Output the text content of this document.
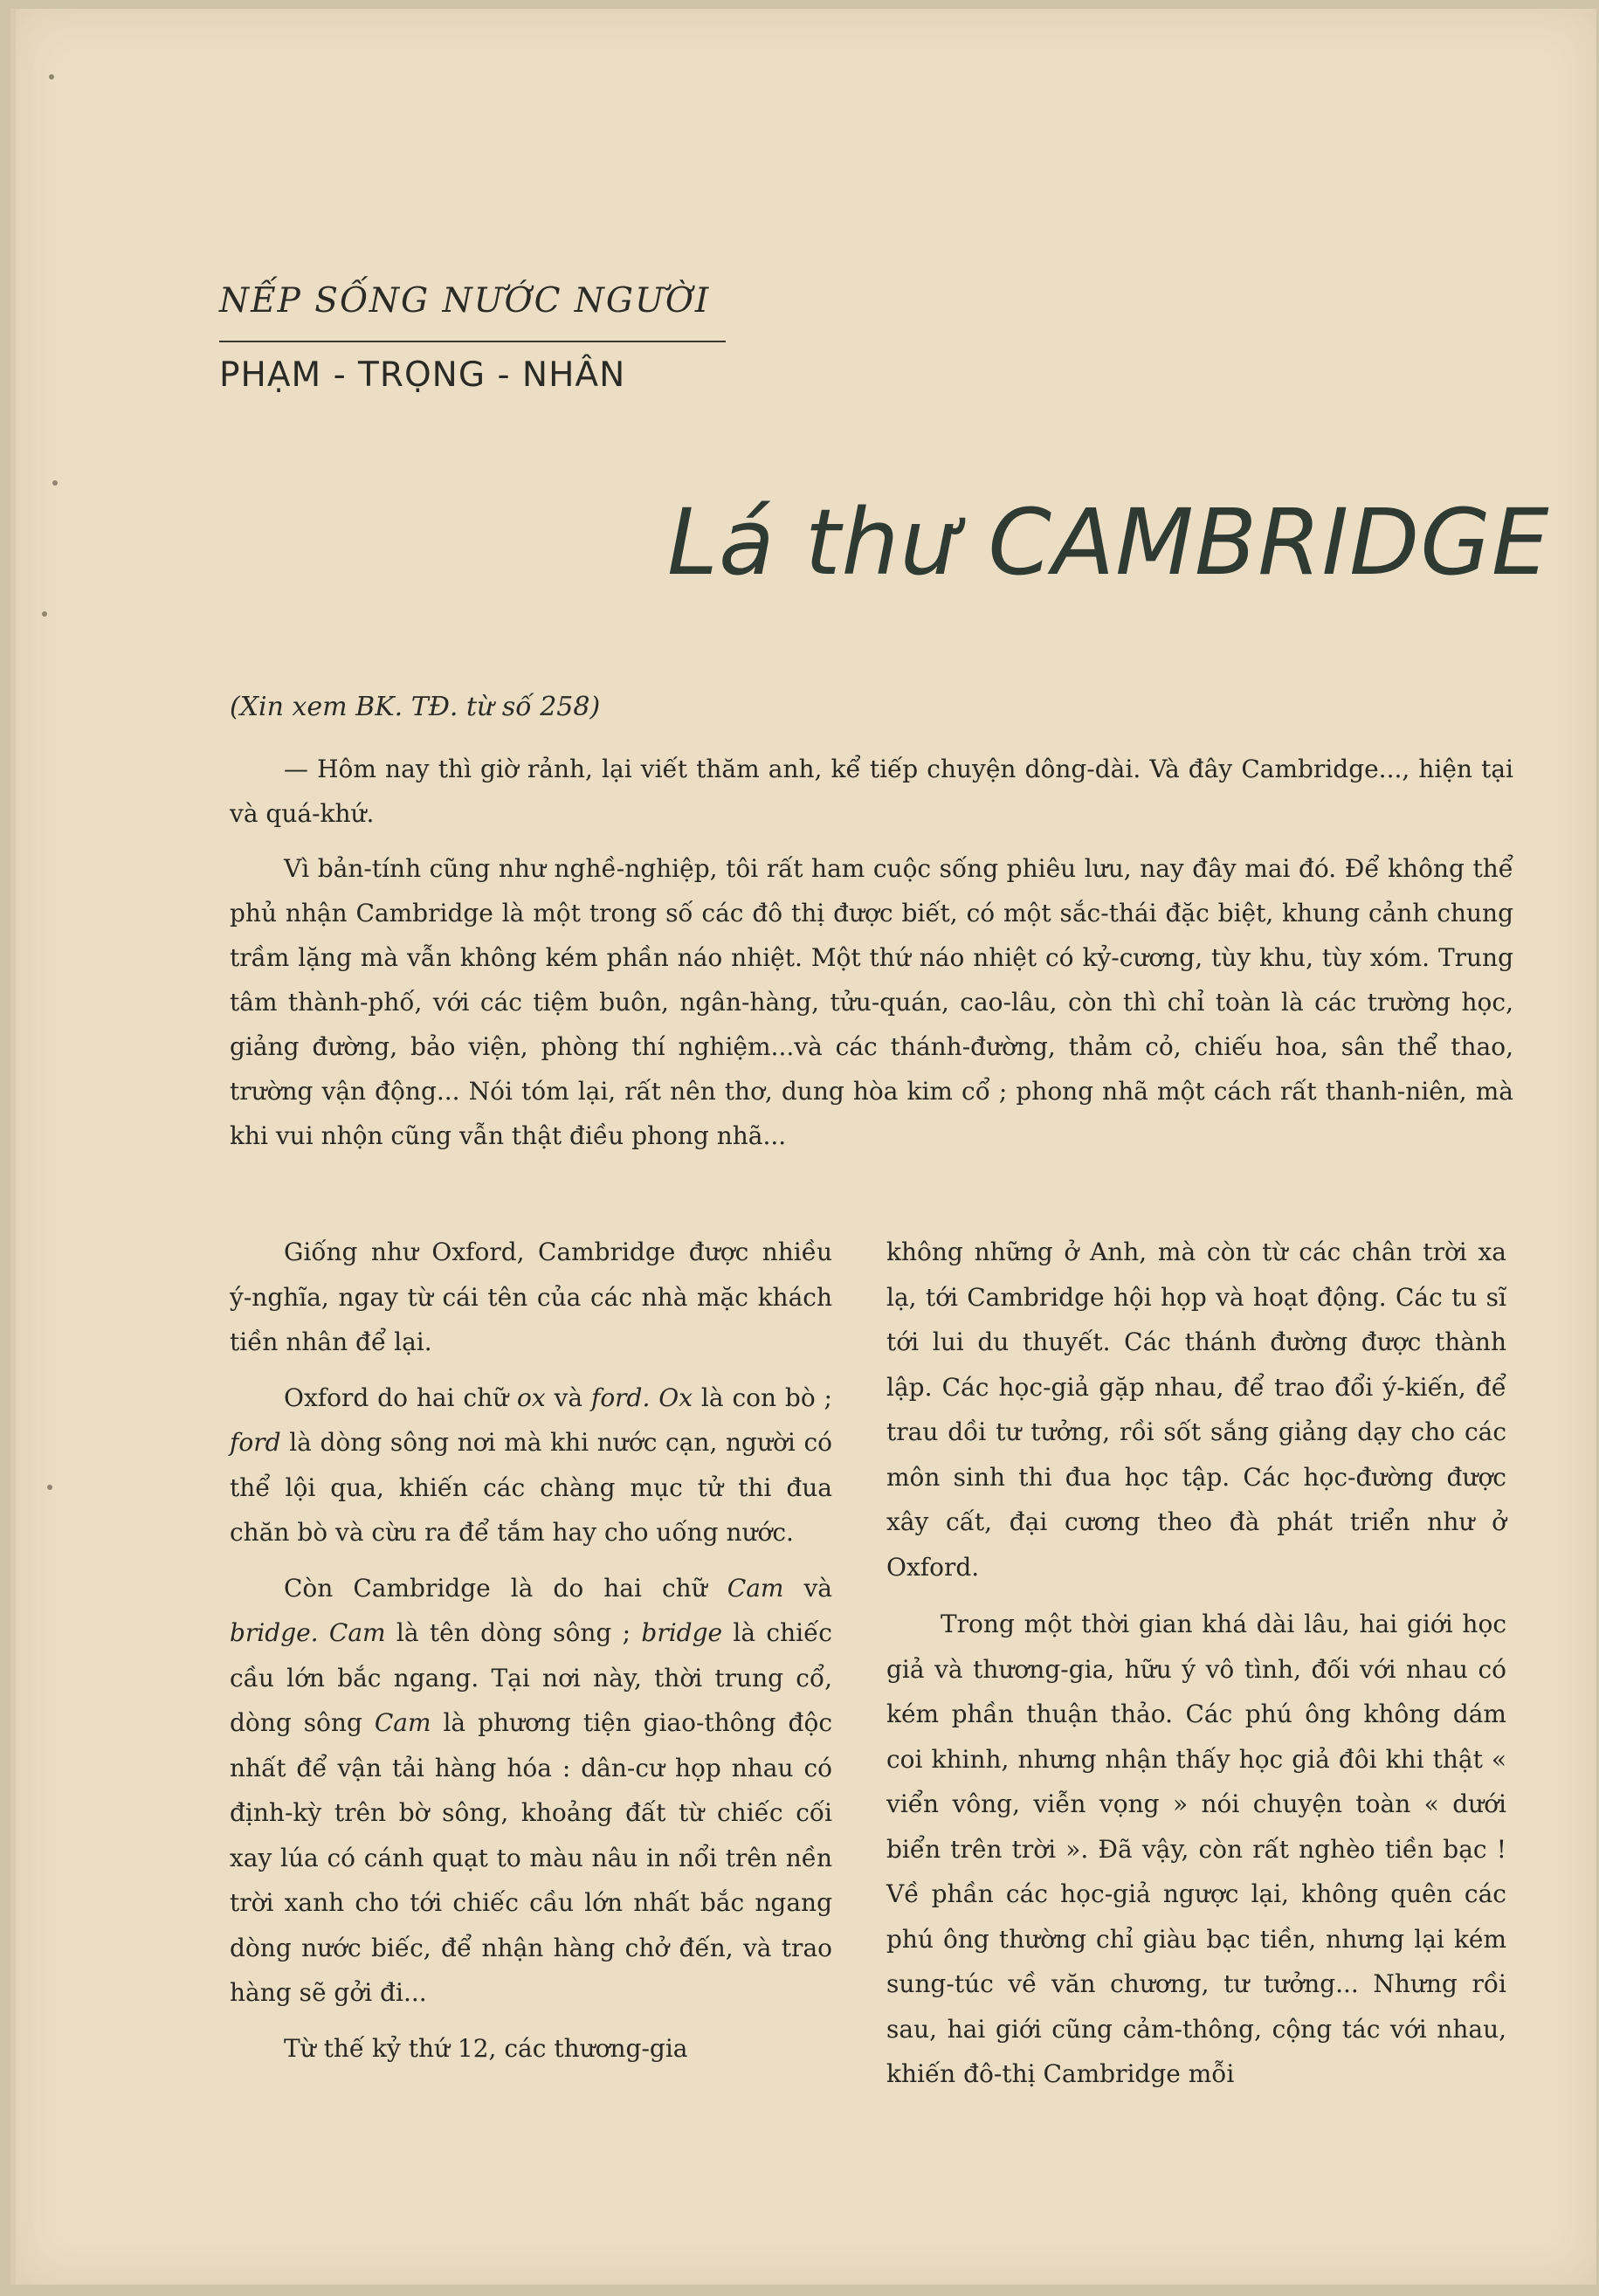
NẾP SỐNG NƯỚC NGƯỜI
PHẠM - TRỌNG - NHÂN
Lá thư CAMBRIDGE
(Xin xem BK. TĐ. từ số 258)

— Hôm nay thì giờ rảnh, lại viết thăm anh, kể tiếp chuyện dông-dài. Và đây Cambridge..., hiện tại và quá-khứ.

Vì bản-tính cũng như nghề-nghiệp, tôi rất ham cuộc sống phiêu lưu, nay đây mai đó. Để không thể phủ nhận Cambridge là một trong số các đô thị được biết, có một sắc-thái đặc biệt, khung cảnh chung trầm lặng mà vẫn không kém phần náo nhiệt. Một thứ náo nhiệt có kỷ-cương, tùy khu, tùy xóm. Trung tâm thành-phố, với các tiệm buôn, ngân-hàng, tửu-quán, cao-lâu, còn thì chỉ toàn là các trường học, giảng đường, bảo viện, phòng thí nghiệm...và các thánh-đường, thảm cỏ, chiếu hoa, sân thể thao, trường vận động... Nói tóm lại, rất nên thơ, dung hòa kim cổ ; phong nhã một cách rất thanh-niên, mà khi vui nhộn cũng vẫn thật điều phong nhã...

Giống như Oxford, Cambridge được nhiều ý-nghĩa, ngay từ cái tên của các nhà mặc khách tiền nhân để lại.

Oxford do hai chữ ox và ford. Ox là con bò ; ford là dòng sông nơi mà khi nước cạn, người có thể lội qua, khiến các chàng mục tử thi đua chăn bò và cừu ra để tắm hay cho uống nước.

Còn Cambridge là do hai chữ Cam và bridge. Cam là tên dòng sông ; bridge là chiếc cầu lớn bắc ngang. Tại nơi này, thời trung cổ, dòng sông Cam là phương tiện giao-thông độc nhất để vận tải hàng hóa : dân-cư họp nhau có định-kỳ trên bờ sông, khoảng đất từ chiếc cối xay lúa có cánh quạt to màu nâu in nổi trên nền trời xanh cho tới chiếc cầu lớn nhất bắc ngang dòng nước biếc, để nhận hàng chở đến, và trao hàng sẽ gởi đi...

Từ thế kỷ thứ 12, các thương-gia

không những ở Anh, mà còn từ các chân trời xa lạ, tới Cambridge hội họp và hoạt động. Các tu sĩ tới lui du thuyết. Các thánh đường được thành lập. Các học-giả gặp nhau, để trao đổi ý-kiến, để trau dồi tư tưởng, rồi sốt sắng giảng dạy cho các môn sinh thi đua học tập. Các học-đường được xây cất, đại cương theo đà phát triển như ở Oxford.

Trong một thời gian khá dài lâu, hai giới học giả và thương-gia, hữu ý vô tình, đối với nhau có kém phần thuận thảo. Các phú ông không dám coi khinh, nhưng nhận thấy học giả đôi khi thật « viển vông, viễn vọng » nói chuyện toàn « dưới biển trên trời ». Đã vậy, còn rất nghèo tiền bạc ! Về phần các học-giả ngược lại, không quên các phú ông thường chỉ giàu bạc tiền, nhưng lại kém sung-túc về văn chương, tư tưởng... Nhưng rồi sau, hai giới cũng cảm-thông, cộng tác với nhau, khiến đô-thị Cambridge mỗi
